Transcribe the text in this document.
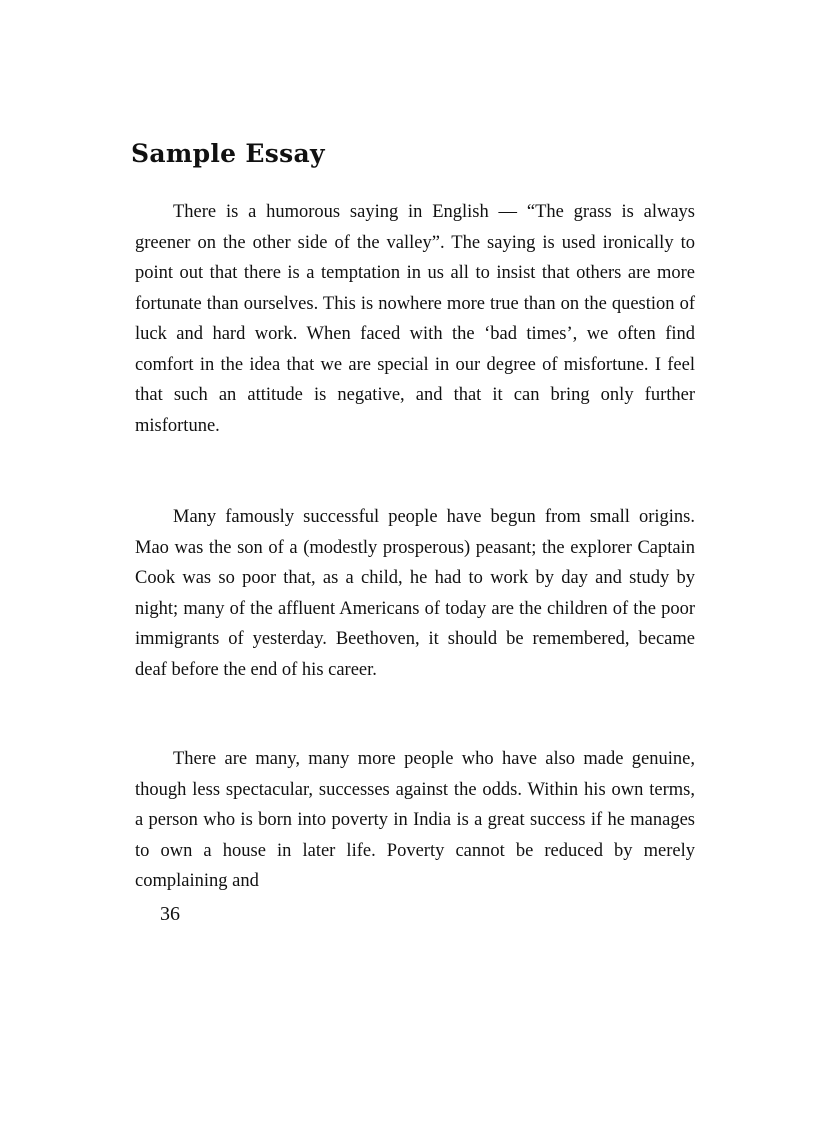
Sample Essay

There is a humorous saying in English — “The grass is always greener on the other side of the valley”. The saying is used ironically to point out that there is a temptation in us all to insist that others are more fortunate than ourselves. This is nowhere more true than on the question of luck and hard work. When faced with the ‘bad times’, we often find comfort in the idea that we are special in our degree of misfortune. I feel that such an attitude is negative, and that it can bring only further misfortune.

Many famously successful people have begun from small origins. Mao was the son of a (modestly prosperous) peasant; the explorer Captain Cook was so poor that, as a child, he had to work by day and study by night; many of the affluent Americans of today are the children of the poor immigrants of yesterday. Beethoven, it should be remembered, became deaf before the end of his career.

There are many, many more people who have also made genuine, though less spectacular, successes against the odds. Within his own terms, a person who is born into poverty in India is a great success if he manages to own a house in later life. Poverty cannot be reduced by merely complaining and

36
